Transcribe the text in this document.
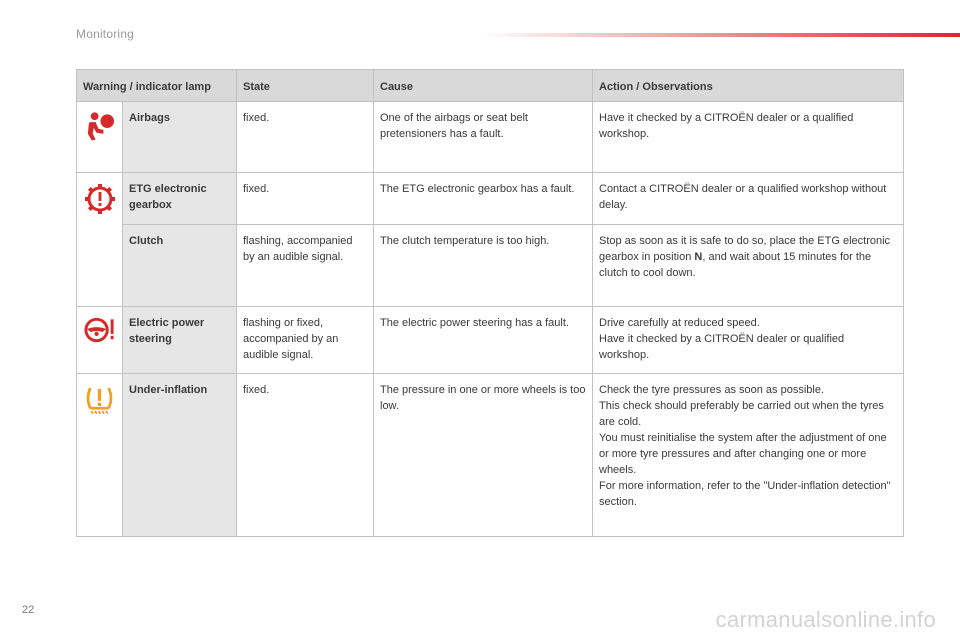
Monitoring
Warning / indicator lamp		State	Cause	Action / Observations

	Airbags	fixed.	One of the airbags or seat belt pretensioners has a fault.	Have it checked by a CITROËN dealer or a qualified workshop.

	ETG electronic gearbox	fixed.	The ETG electronic gearbox has a fault.	Contact a CITROËN dealer or a qualified workshop without delay.
	Clutch	flashing, accompanied by an audible signal.	The clutch temperature is too high.	Stop as soon as it is safe to do so, place the ETG electronic gearbox in position N, and wait about 15 minutes for the clutch to cool down.

	Electric power steering	flashing or fixed, accompanied by an audible signal.	The electric power steering has a fault.	Drive carefully at reduced speed.
Have it checked by a CITROËN dealer or qualified workshop.

	Under-inflation	fixed.	The pressure in one or more wheels is too low.	Check the tyre pressures as soon as possible.
This check should preferably be carried out when the tyres are cold.
You must reinitialise the system after the adjustment of one or more tyre pressures and after changing one or more wheels.
For more information, refer to the "Under-inflation detection" section.
22	carmanualsonline.info
